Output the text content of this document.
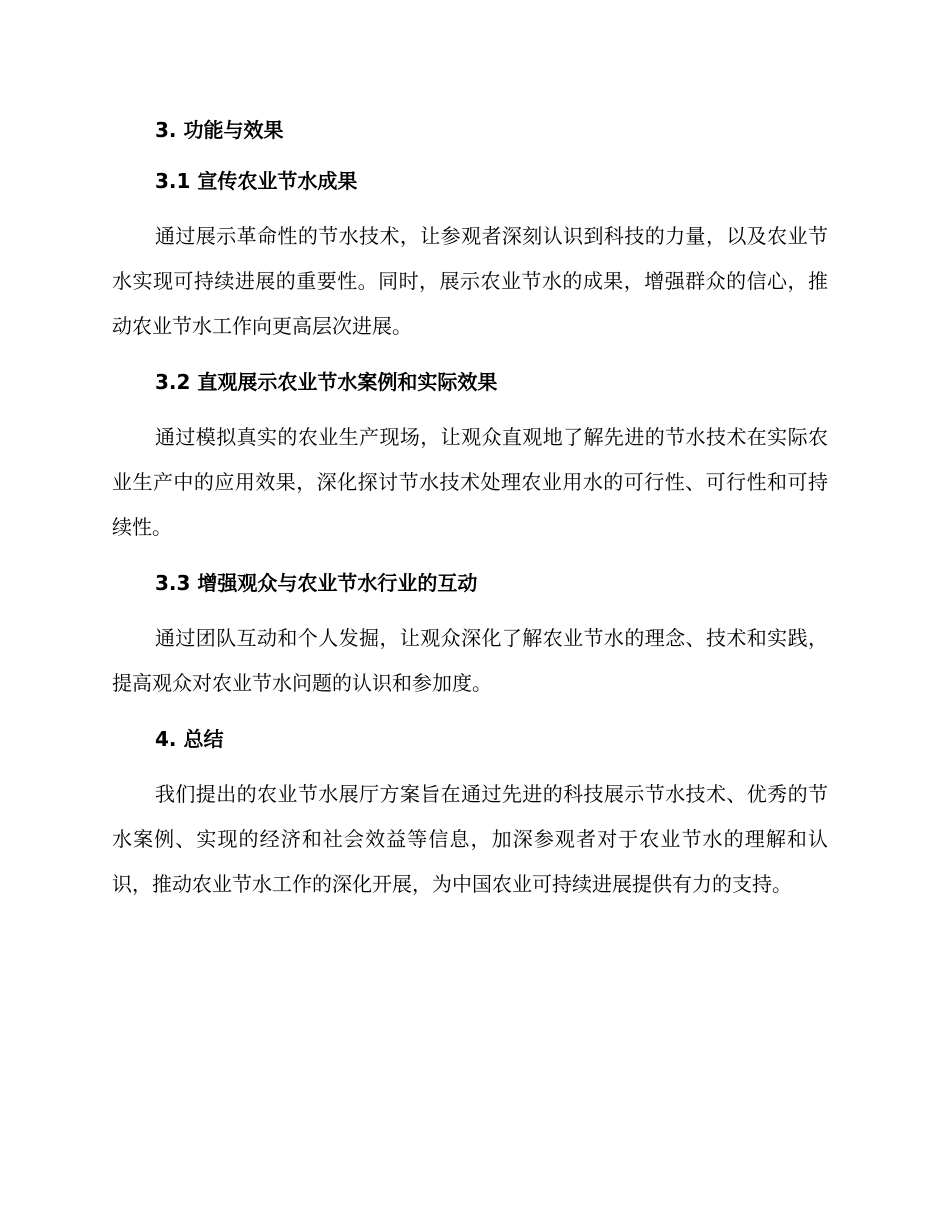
3. 功能与效果
3.1 宣传农业节水成果

通过展示革命性的节水技术，让参观者深刻认识到科技的力量，以及农业节水实现可持续进展的重要性。同时，展示农业节水的成果，增强群众的信心，推动农业节水工作向更高层次进展。

3.2 直观展示农业节水案例和实际效果

通过模拟真实的农业生产现场，让观众直观地了解先进的节水技术在实际农业生产中的应用效果，深化探讨节水技术处理农业用水的可行性、可行性和可持续性。

3.3 增强观众与农业节水行业的互动

通过团队互动和个人发掘，让观众深化了解农业节水的理念、技术和实践，提高观众对农业节水问题的认识和参加度。

4. 总结

我们提出的农业节水展厅方案旨在通过先进的科技展示节水技术、优秀的节水案例、实现的经济和社会效益等信息，加深参观者对于农业节水的理解和认识，推动农业节水工作的深化开展，为中国农业可持续进展提供有力的支持。
